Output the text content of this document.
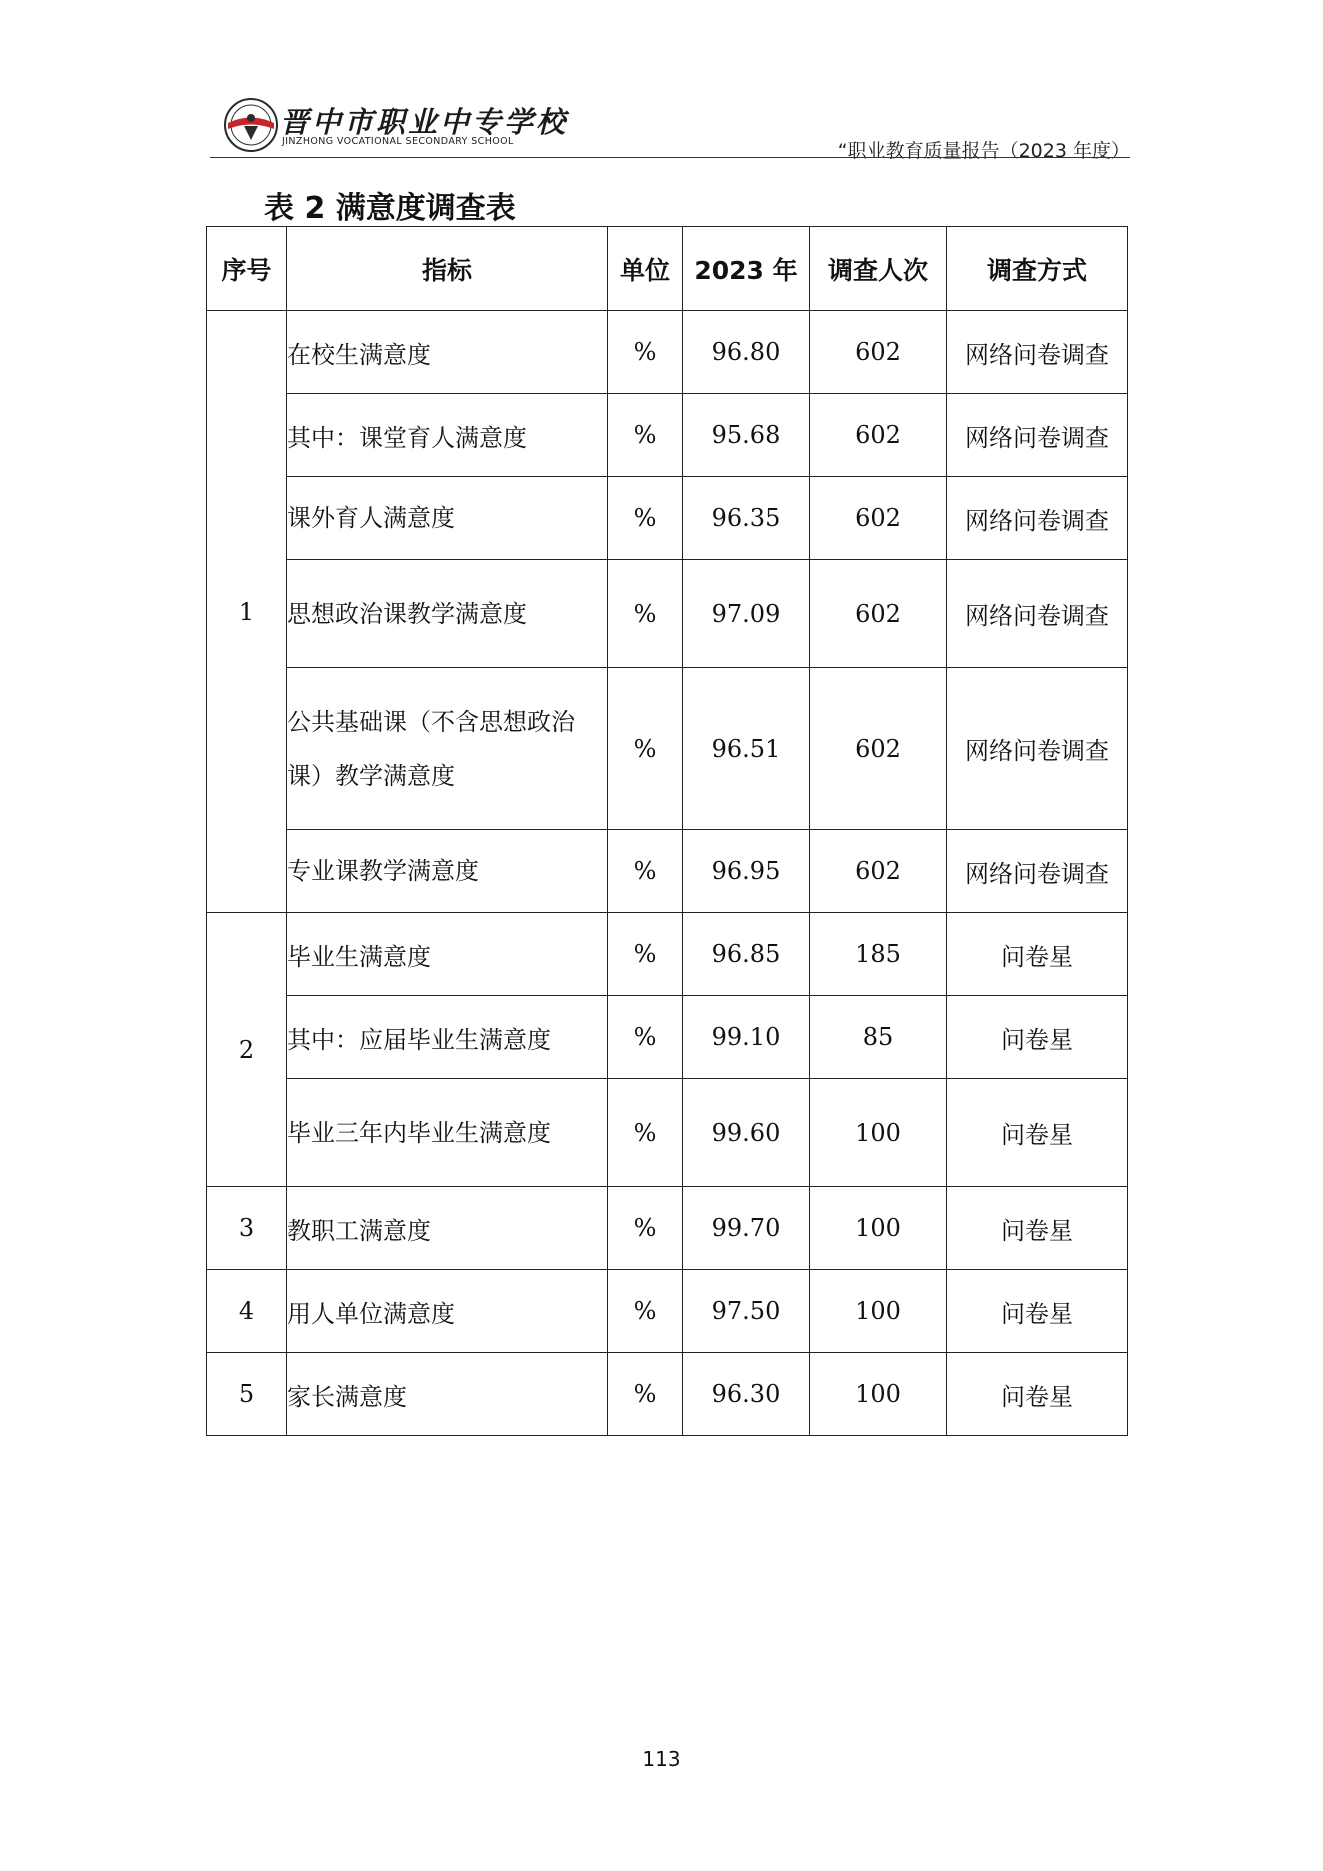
晋中市职业中专学校
JINZHONG VOCATIONAL SECONDARY SCHOOL	“职业教育质量报告（2023 年度）
表 2 满意度调查表
序号	指标	单位	2023 年	调查人次	调查方式
1	在校生满意度	%	96.80	602	网络问卷调查
	其中：课堂育人满意度	%	95.68	602	网络问卷调查
	课外育人满意度	%	96.35	602	网络问卷调查
	思想政治课教学满意度	%	97.09	602	网络问卷调查
	公共基础课（不含思想政治课）教学满意度	%	96.51	602	网络问卷调查
	专业课教学满意度	%	96.95	602	网络问卷调查
2	毕业生满意度	%	96.85	185	问卷星
	其中：应届毕业生满意度	%	99.10	85	问卷星
	毕业三年内毕业生满意度	%	99.60	100	问卷星
3	教职工满意度	%	99.70	100	问卷星
4	用人单位满意度	%	97.50	100	问卷星
5	家长满意度	%	96.30	100	问卷星
113
